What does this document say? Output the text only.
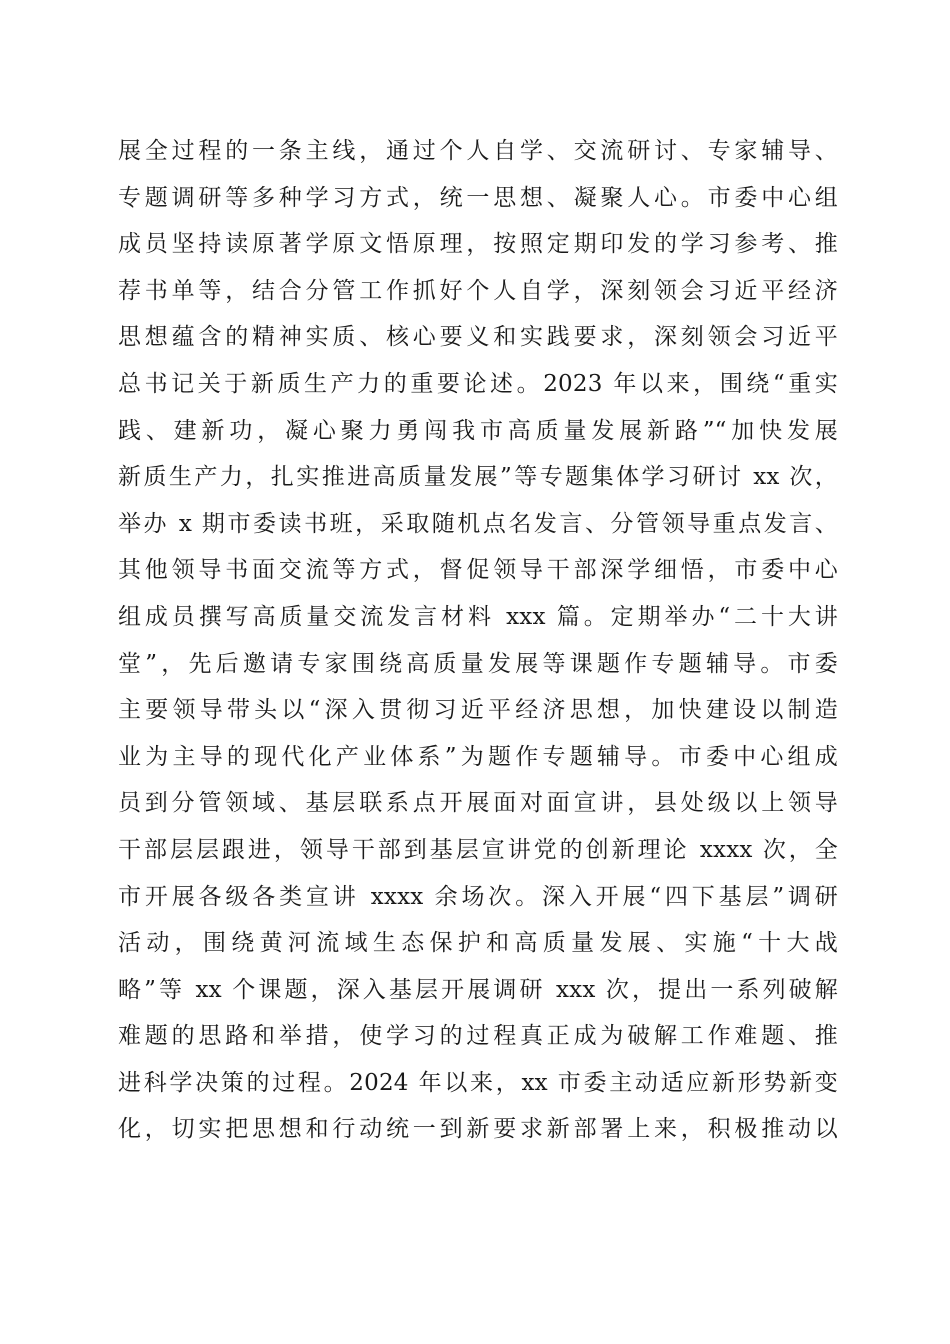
展全过程的一条主线，通过个人自学、交流研讨、专家辅导、
专题调研等多种学习方式，统一思想、凝聚人心。市委中心组
成员坚持读原著学原文悟原理，按照定期印发的学习参考、推
荐书单等，结合分管工作抓好个人自学，深刻领会习近平经济
思想蕴含的精神实质、核心要义和实践要求，深刻领会习近平
总书记关于新质生产力的重要论述。2023 年以来，围绕“重实
践、建新功，凝心聚力勇闯我市高质量发展新路”“加快发展
新质生产力，扎实推进高质量发展”等专题集体学习研讨 xx 次，
举办 x 期市委读书班，采取随机点名发言、分管领导重点发言、
其他领导书面交流等方式，督促领导干部深学细悟，市委中心
组成员撰写高质量交流发言材料 xxx 篇。定期举办“二十大讲
堂”，先后邀请专家围绕高质量发展等课题作专题辅导。市委
主要领导带头以“深入贯彻习近平经济思想，加快建设以制造
业为主导的现代化产业体系”为题作专题辅导。市委中心组成
员到分管领域、基层联系点开展面对面宣讲，县处级以上领导
干部层层跟进，领导干部到基层宣讲党的创新理论 xxxx 次，全
市开展各级各类宣讲 xxxx 余场次。深入开展“四下基层”调研
活动，围绕黄河流域生态保护和高质量发展、实施“十大战
略”等 xx 个课题，深入基层开展调研 xxx 次，提出一系列破解
难题的思路和举措，使学习的过程真正成为破解工作难题、推
进科学决策的过程。2024 年以来，xx 市委主动适应新形势新变
化，切实把思想和行动统一到新要求新部署上来，积极推动以
